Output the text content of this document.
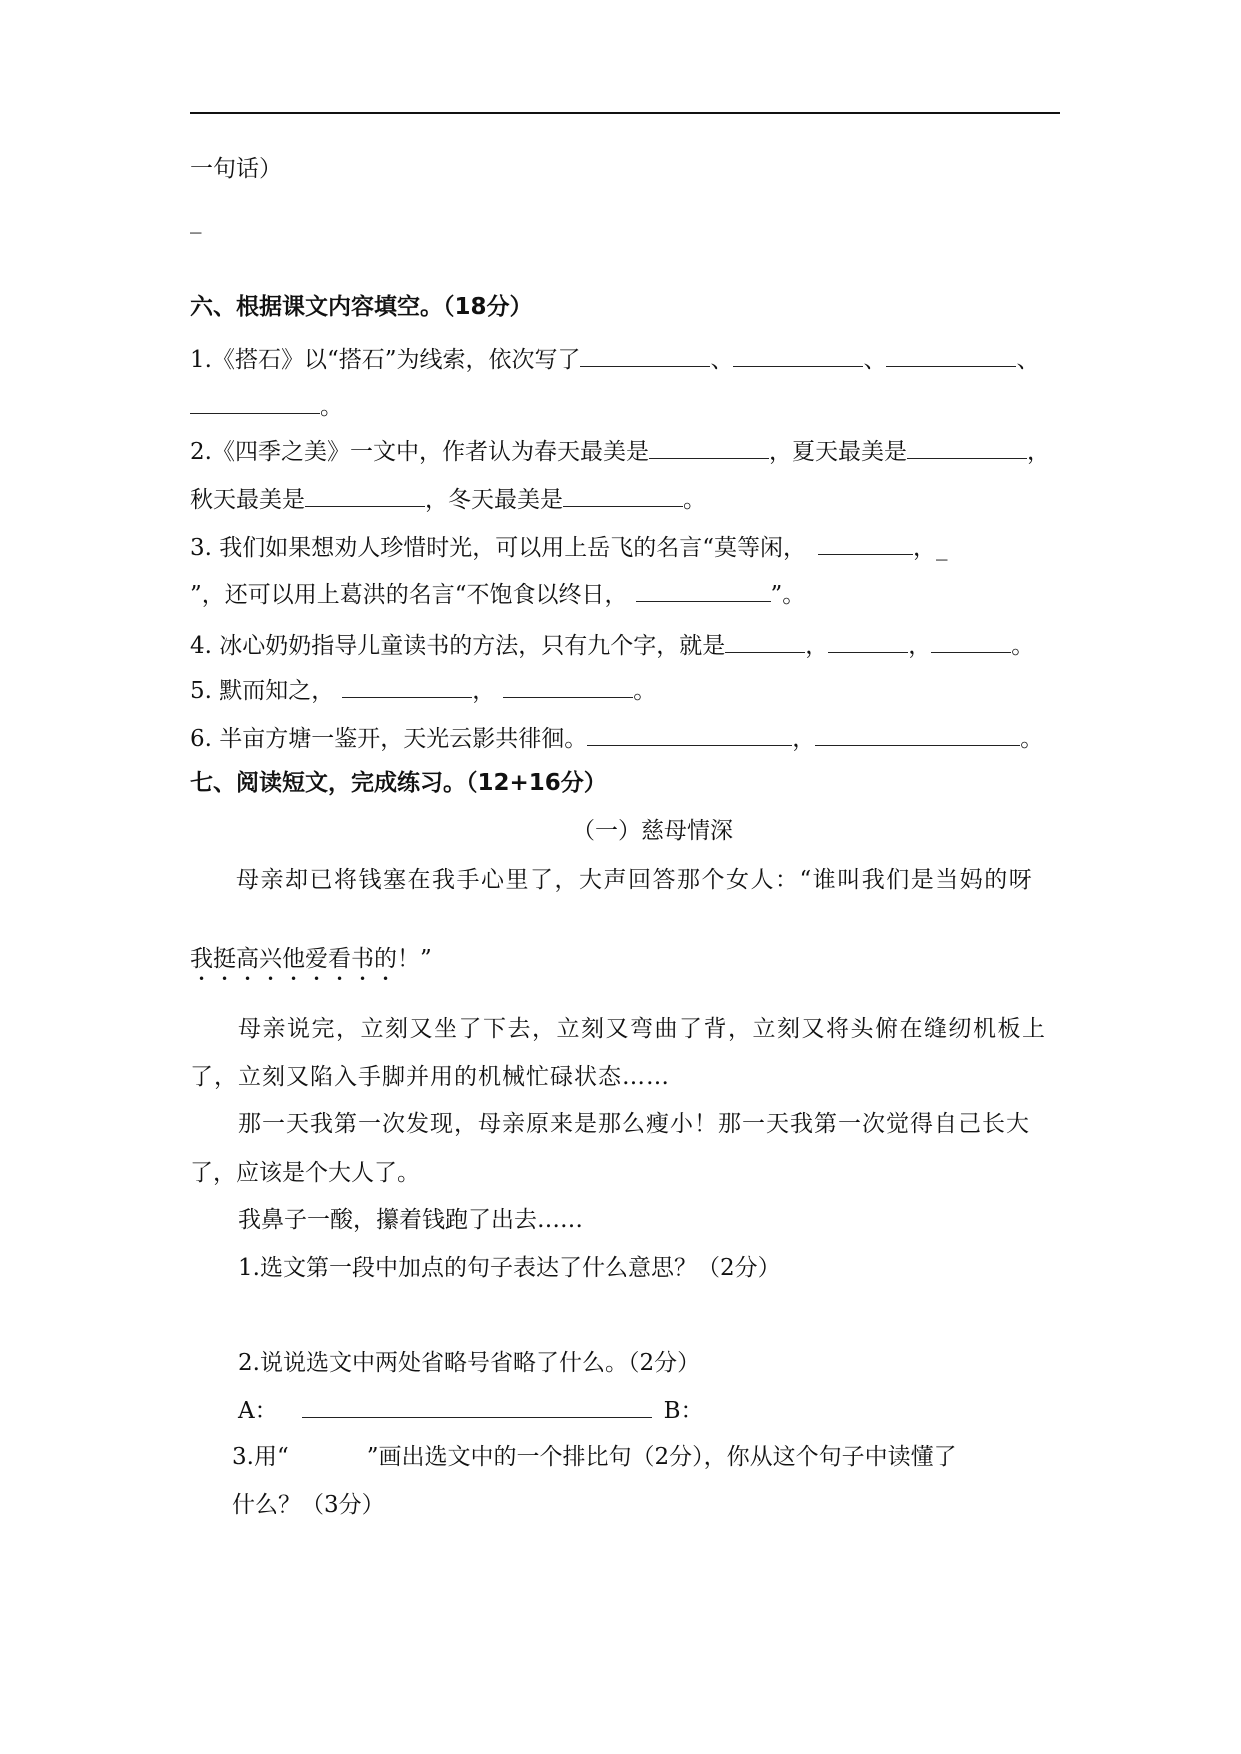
一句话）
_
六、根据课文内容填空。（18分）
1.《搭石》以“搭石”为线索，依次写了	、	、	、
。
2.《四季之美》一文中，作者认为春天最美是	，夏天最美是	，
秋天最美是	，冬天最美是	。
3. 我们如果想劝人珍惜时光，可以用上岳飞的名言“莫等闲，	，_
”，还可以用上葛洪的名言“不饱食以终日，	”。
4. 冰心奶奶指导儿童读书的方法，只有九个字，就是	，	，	。
5. 默而知之，	，	。
6. 半亩方塘一鉴开，天光云影共徘徊。	，	。
七、阅读短文，完成练习。（12+16分）
（一）慈母情深
母亲却已将钱塞在我手心里了，大声回答那个女人：“谁叫我们是当妈的呀
我挺高兴他爱看书的！”
母亲说完，立刻又坐了下去，立刻又弯曲了背，立刻又将头俯在缝纫机板上
了，立刻又陷入手脚并用的机械忙碌状态……
那一天我第一次发现，母亲原来是那么瘦小！那一天我第一次觉得自己长大
了，应该是个大人了。
我鼻子一酸，攥着钱跑了出去……
1.选文第一段中加点的句子表达了什么意思？（2分）
2.说说选文中两处省略号省略了什么。（2分）
A：	B：
3.用“	”画出选文中的一个排比句（2分），你从这个句子中读懂了
什么？（3分）
